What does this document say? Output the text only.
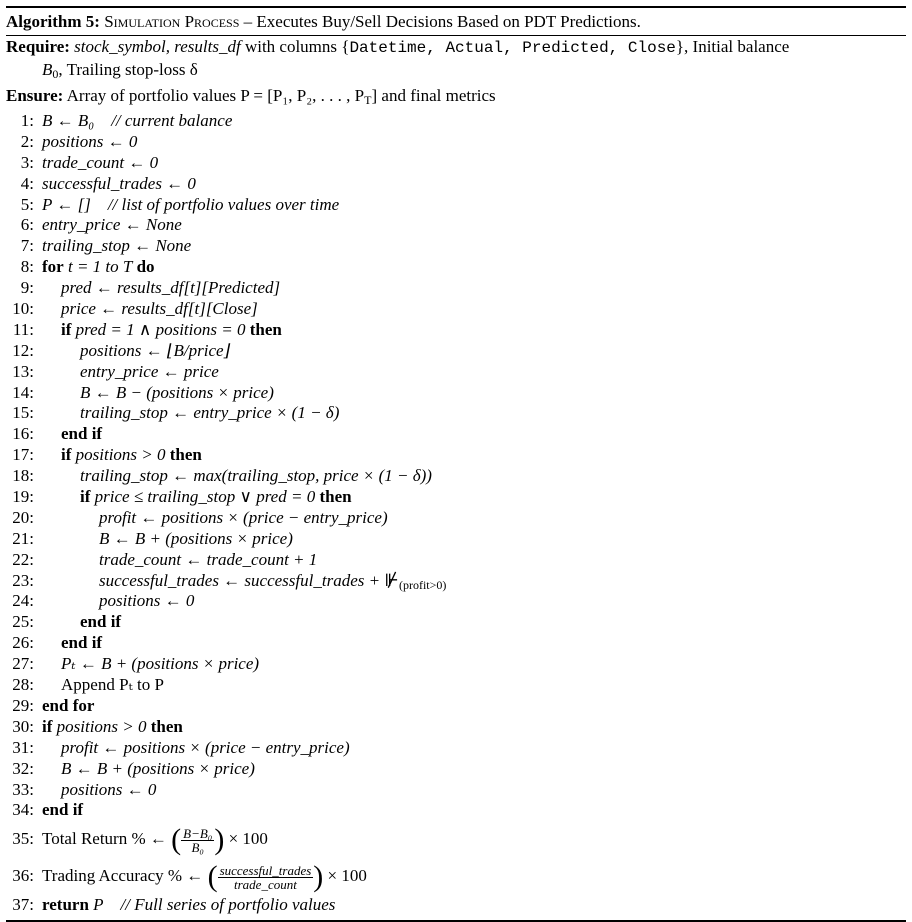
Algorithm 5: Simulation Process – Executes Buy/Sell Decisions Based on PDT Predictions.
Require: stock_symbol, results_df with columns {Datetime, Actual, Predicted, Close}, Initial balance
$B_0$, Trailing stop-loss δ
Ensure: Array of portfolio values P = [P₁, P₂, . . . , $P_T$] and final metrics
1: B ← B₀  // current balance
2: positions ← 0
3: trade_count ← 0
4: successful_trades ← 0
5: P ← []  // list of portfolio values over time
6: entry_price ← None
7: trailing_stop ← None
8: for t = 1 to T do
9: pred ← results_df[t][Predicted]
10: price ← results_df[t][Close]
11: if pred = 1 ∧ positions = 0 then
12:	positions ← ⌊B/price⌋
13:	entry_price ← price
14:	B ← B − (positions × price)
15:	trailing_stop ← entry_price × (1 − δ)
16: end if
17: if positions > 0 then
18:	trailing_stop ← max(trailing_stop, price × (1 − δ))
19:	if price ≤ trailing_stop ∨ pred = 0 then
20:	profit ← positions × (price − entry_price)
21:	B ← B + (positions × price)
22:	trade_count ← trade_count + 1
23:	successful_trades ← successful_trades + $⊮_{(profit>0)}$
24:	positions ← 0
25:	end if
26: end if
27: Pₜ ← B + (positions × price)
28: Append Pₜ to P
29: end for
30: if positions > 0 then
31: profit ← positions × (price − entry_price)
32: B ← B + (positions × price)
33: positions ← 0
34: end if
35: Total Return % ← ( $\frac{\text{B−B₀}}{\text{B₀}}$ ) × 100
36: Trading Accuracy % ← ( $\frac{\text{successful\_trades}}{\text{trade\_count}}$ ) × 100
37: return P  // Full series of portfolio values
